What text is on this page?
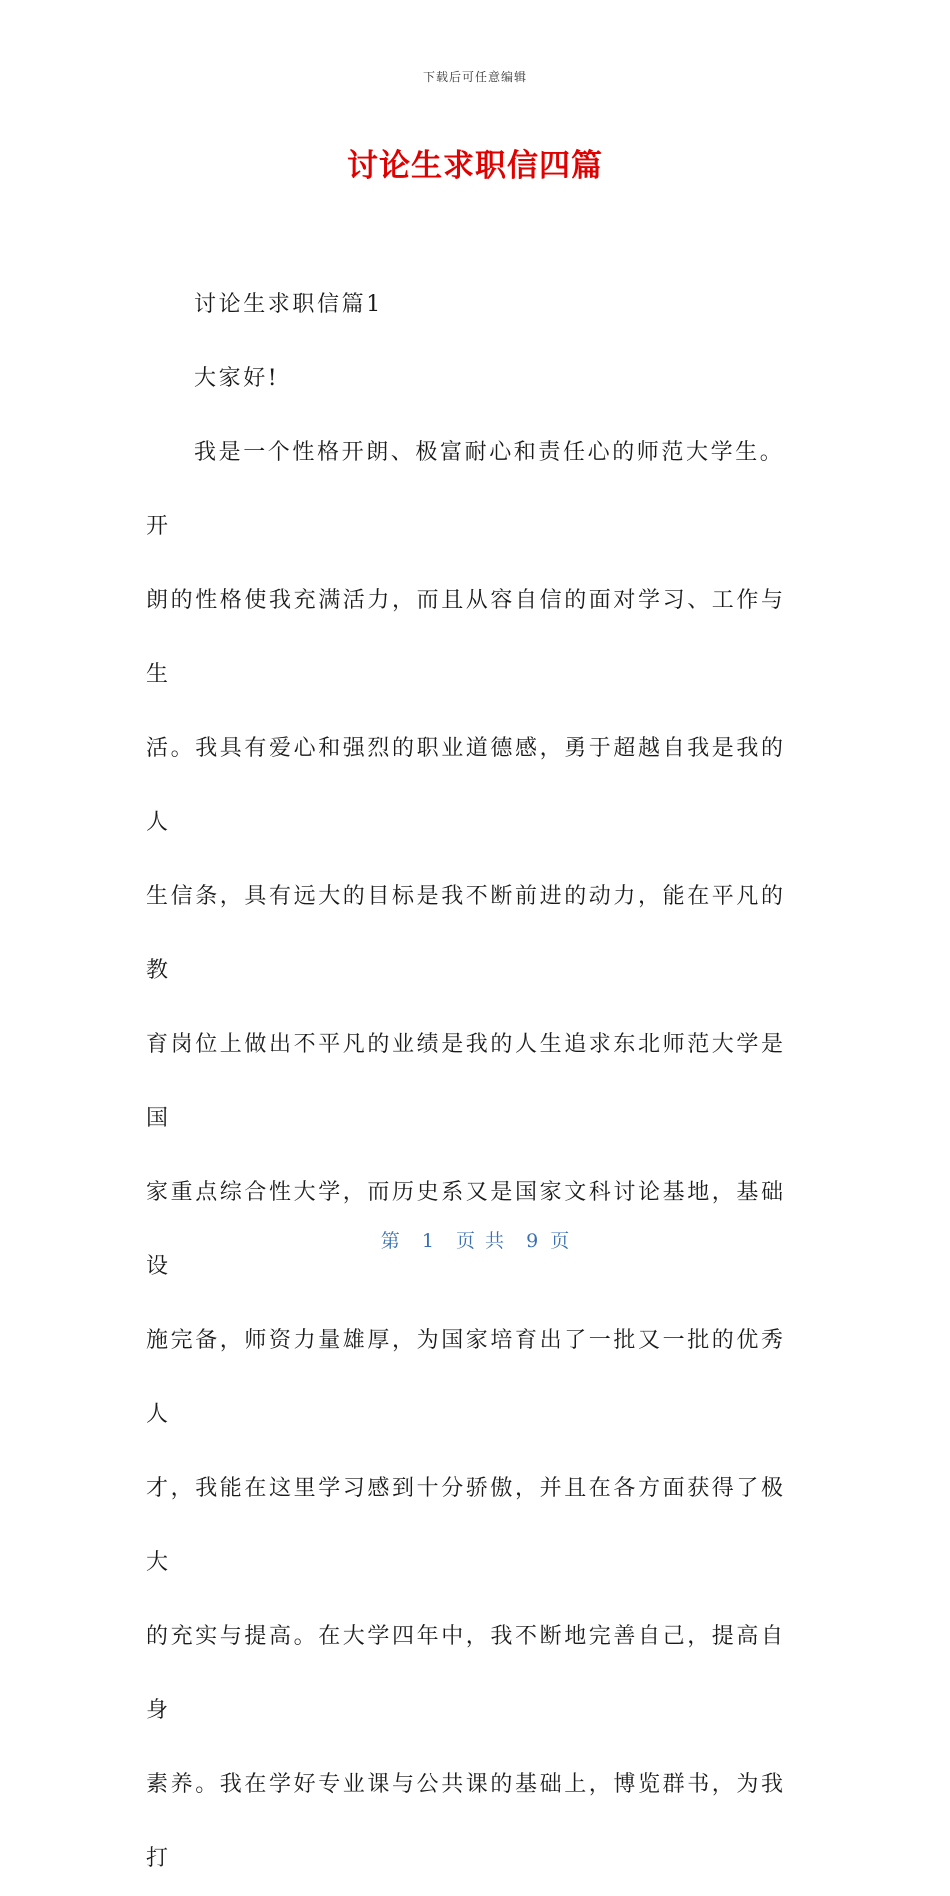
下载后可任意编辑
讨论生求职信四篇

讨论生求职信篇1

大家好!

我是一个性格开朗、极富耐心和责任心的师范大学生。开

朗的性格使我充满活力，而且从容自信的面对学习、工作与生

活。我具有爱心和强烈的职业道德感，勇于超越自我是我的人

生信条，具有远大的目标是我不断前进的动力，能在平凡的教

育岗位上做出不平凡的业绩是我的人生追求东北师范大学是国

家重点综合性大学，而历史系又是国家文科讨论基地，基础设

施完备，师资力量雄厚，为国家培育出了一批又一批的优秀人

才，我能在这里学习感到十分骄傲，并且在各方面获得了极大

的充实与提高。在大学四年中，我不断地完善自己，提高自身

素养。我在学好专业课与公共课的基础上，博览群书，为我打

第 1 页 共 9 页
